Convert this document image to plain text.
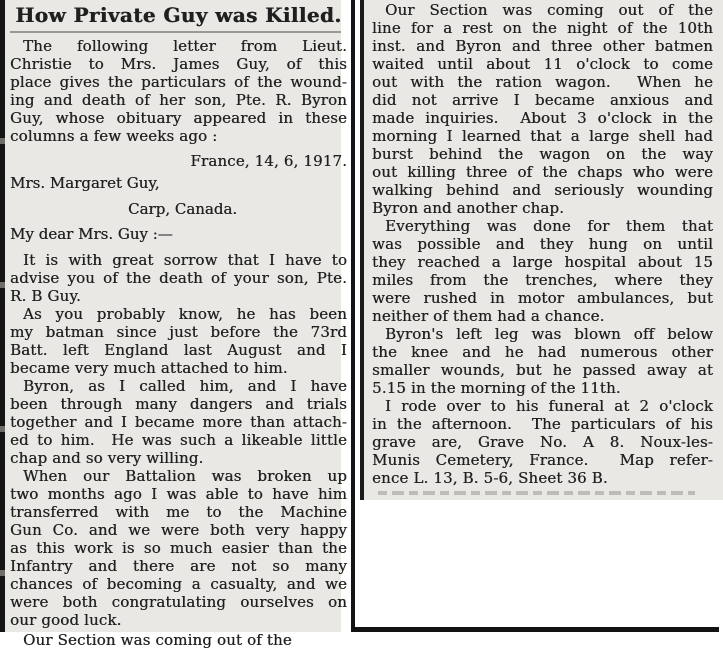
How Private Guy was Killed.
The following letter from Lieut.
Christie to Mrs. James Guy, of this
place gives the particulars of the wound-
ing and death of her son, Pte. R. Byron
Guy, whose obituary appeared in these
columns a few weeks ago :
France, 14, 6, 1917.
Mrs. Margaret Guy,
Carp, Canada.
My dear Mrs. Guy :—
It is with great sorrow that I have to
advise you of the death of your son, Pte.
R. B Guy.
As you probably know, he has been
my batman since just before the 73rd
Batt. left England last August and I
became very much attached to him.
Byron, as I called him, and I have
been through many dangers and trials
together and I became more than attach-
ed to him.  He was such a likeable little
chap and so very willing.
When our Battalion was broken up
two months ago I was able to have him
transferred with me to the Machine
Gun Co. and we were both very happy
as this work is so much easier than the
Infantry and there are not so many
chances of becoming a casualty, and we
were both congratulating ourselves on
our good luck.
Our Section was coming out of the
Our Section was coming out of the
line for a rest on the night of the 10th
inst. and Byron and three other batmen
waited until about 11 o'clock to come
out with the ration wagon.  When he
did not arrive I became anxious and
made inquiries.  About 3 o'clock in the
morning I learned that a large shell had
burst behind the wagon on the way
out killing three of the chaps who were
walking behind and seriously wounding
Byron and another chap.
Everything was done for them that
was possible and they hung on until
they reached a large hospital about 15
miles from the trenches, where they
were rushed in motor ambulances, but
neither of them had a chance.
Byron's left leg was blown off below
the knee and he had numerous other
smaller wounds, but he passed away at
5.15 in the morning of the 11th.
I rode over to his funeral at 2 o'clock
in the afternoon.  The particulars of his
grave are, Grave No. A 8. Noux-les-
Munis Cemetery, France.  Map refer-
ence L. 13, B. 5-6, Sheet 36 B.
